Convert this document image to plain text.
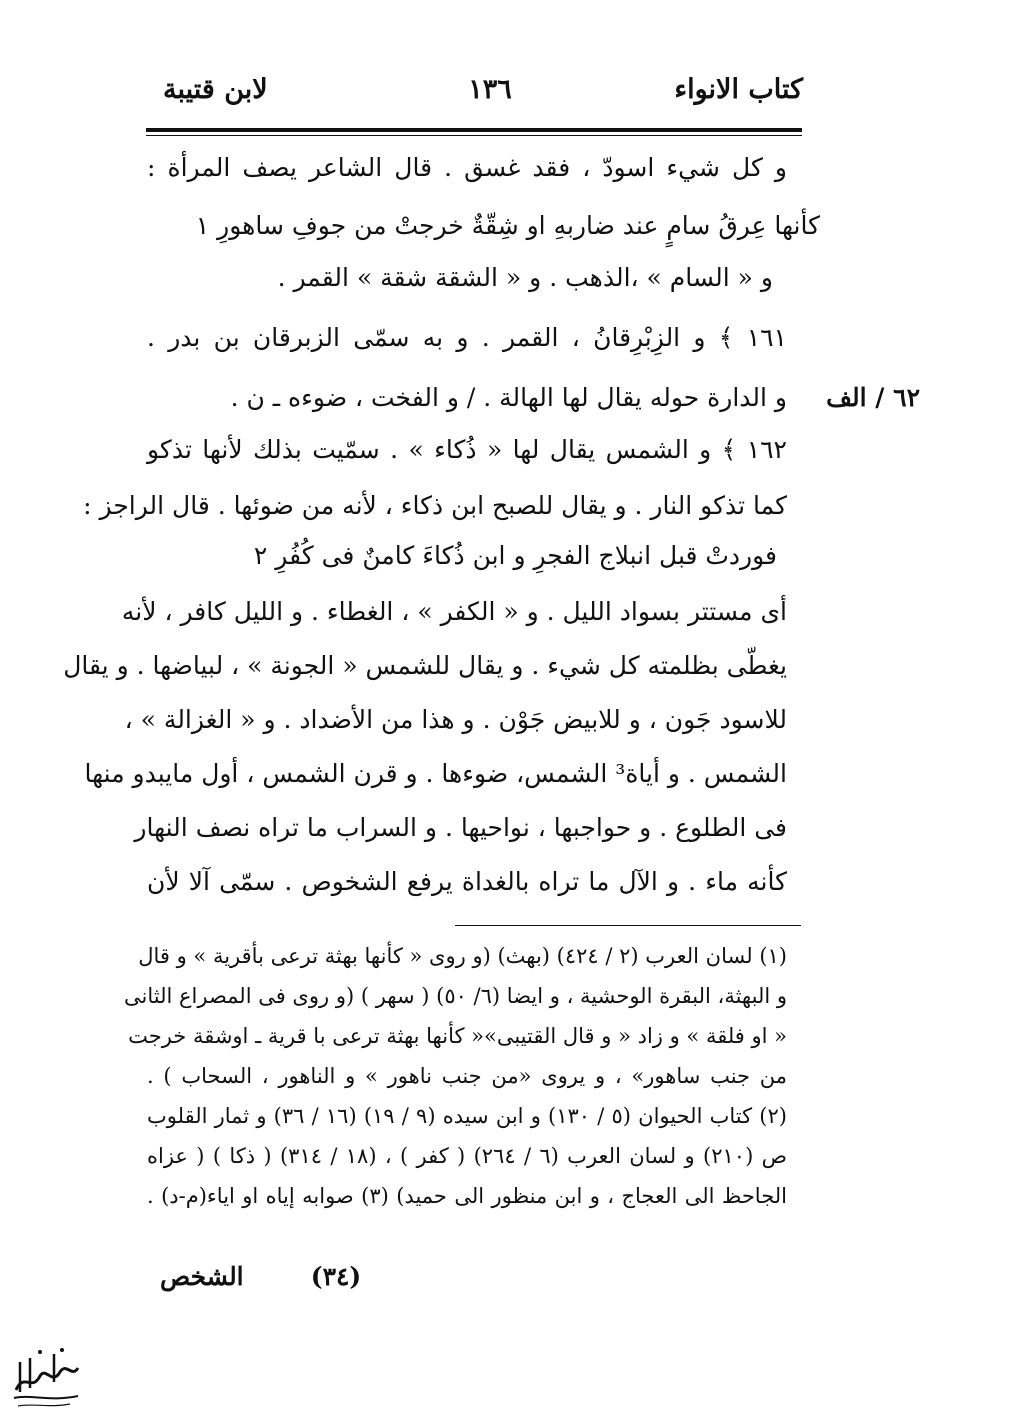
كتاب الانواء
١٣٦
لابن قتيبة
و كل شيء اسودّ ، فقد غسق . قال الشاعر يصف المرأة :
كأنها عِرقُ سامٍ عند ضاربهِ او شِقّةٌ خرجتْ من جوفِ ساهورِ ١
و « السام » ،الذهب . و « الشقة شقة » القمر .
١٦١ ﴾ و الزِبْرِقانُ ، القمر . و به سمّى الزبرقان بن بدر .
و الدارة حوله يقال لها الهالة . / و الفخت ، ضوءه ـ ن .	٦٢ / الف
١٦٢ ﴾ و الشمس يقال لها « ذُكاء » . سمّيت بذلك لأنها تذكو
كما تذكو النار . و يقال للصبح ابن ذكاء ، لأنه من ضوئها . قال الراجز :
فوردتْ قبل انبلاج الفجرِ و ابن ذُكاءَ كامنٌ فى كُفُرِ ٢
أى مستتر بسواد الليل . و « الكفر » ، الغطاء . و الليل كافر ، لأنه
يغطّى بظلمته كل شيء . و يقال للشمس « الجونة » ، لبياضها . و يقال
للاسود جَون ، و للابيض جَوْن . و هذا من الأضداد . و « الغزالة » ،
الشمس . و أياة³ الشمس، ضوءها . و قرن الشمس ، أول مايبدو منها
فى الطلوع . و حواجبها ، نواحيها . و السراب ما تراه نصف النهار
كأنه ماء . و الآل ما تراه بالغداة يرفع الشخوص . سمّى آلا لأن
(١) لسان العرب (٢ / ٤٢٤) (بهث) (و روى « كأنها بهثة ترعى بأقرية » و قال
و البهثة، البقرة الوحشية ، و ايضا (٦/ ٥٠) ( سهر ) (و روى فى المصراع الثانى
« او فلقة » و زاد « و قال القتيبى»« كأنها بهثة ترعى با قرية ـ اوشقة خرجت
من جنب ساهور» ، و يروى «من جنب ناهور » و الناهور ، السحاب ) .
(٢) كتاب الحيوان (٥ / ١٣٠) و ابن سيده (٩ / ١٩) (١٦ / ٣٦) و ثمار القلوب
ص (٢١٠) و لسان العرب (٦ / ٢٦٤) ( كفر ) ، (١٨ / ٣١٤) ( ذكا ) ( عزاه
الجاحظ الى العجاج ، و ابن منظور الى حميد) (٣) صوابه إياه او اياء(م-د) .
(٣٤)
الشخص
